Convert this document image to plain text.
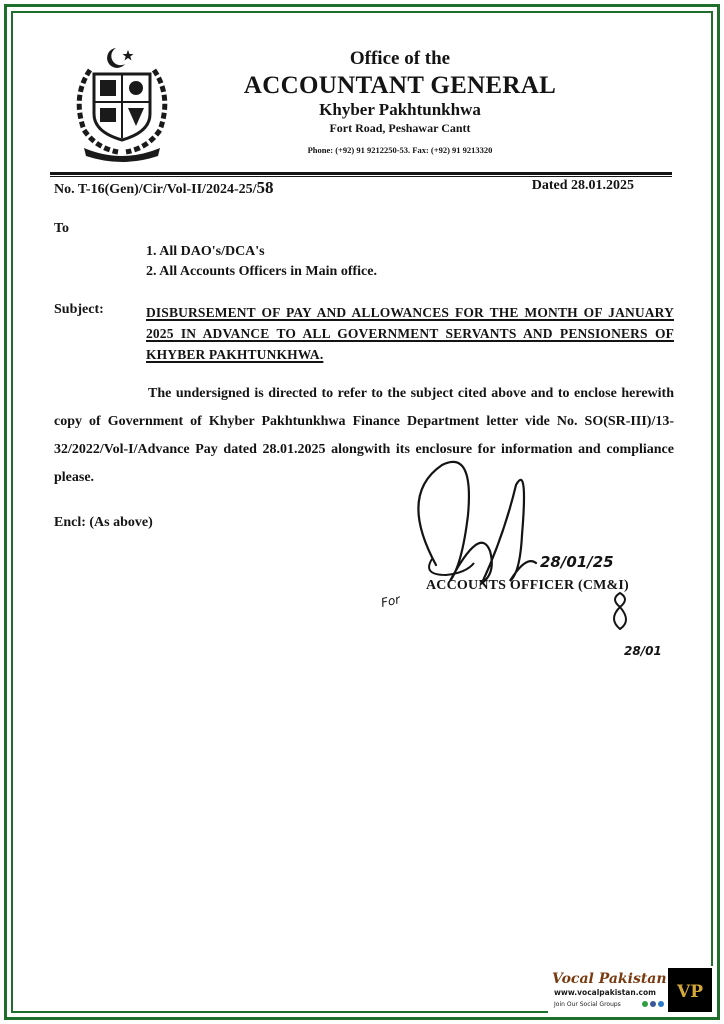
Office of the
ACCOUNTANT GENERAL
Khyber Pakhtunkhwa
Fort Road, Peshawar Cantt
Phone: (+92) 91 9212250-53. Fax: (+92) 91 9213320
No. T-16(Gen)/Cir/Vol-II/2024-25/58	Dated 28.01.2025
To
1. All DAO's/DCA's
2. All Accounts Officers in Main office.
Subject:	DISBURSEMENT OF PAY AND ALLOWANCES FOR THE MONTH OF JANUARY 2025 IN ADVANCE TO ALL GOVERNMENT SERVANTS AND PENSIONERS OF KHYBER PAKHTUNKHWA.
The undersigned is directed to refer to the subject cited above and to enclose herewith copy of Government of Khyber Pakhtunkhwa Finance Department letter vide No. SO(SR-III)/13-32/2022/Vol-I/Advance Pay dated 28.01.2025 alongwith its enclosure for information and compliance please.
Encl: (As above)
28/01/25
For
28/01
ACCOUNTS OFFICER (CM&I)
Vocal Pakistan
www.vocalpakistan.com
Join Our Social Groups
VP
